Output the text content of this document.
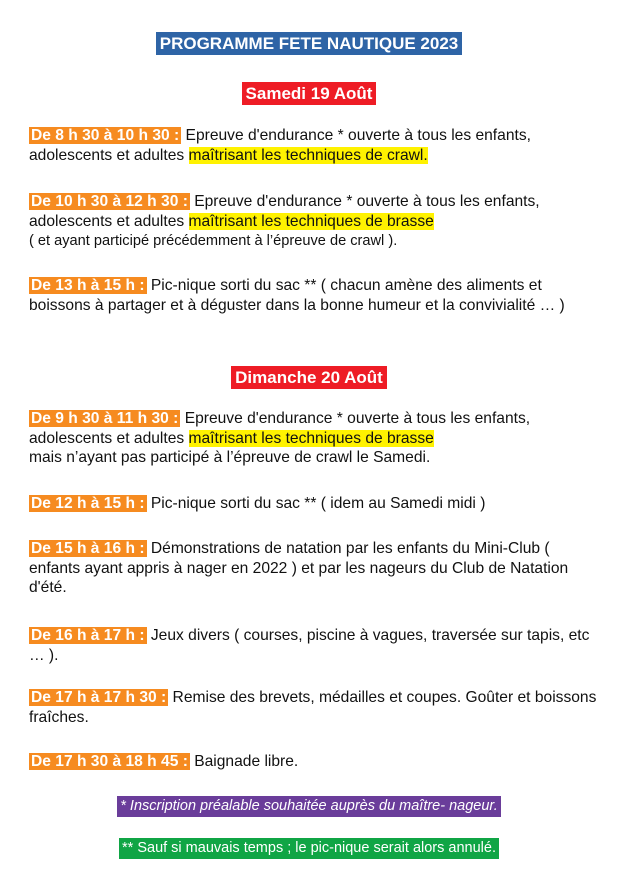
PROGRAMME FETE NAUTIQUE 2023
Samedi 19 Août
De 8 h 30 à 10 h 30 : Epreuve d'endurance * ouverte à tous les enfants, adolescents et adultes maîtrisant les techniques de crawl.
De 10 h 30 à 12 h 30 : Epreuve d'endurance * ouverte à tous les enfants, adolescents et adultes maîtrisant les techniques de brasse
( et ayant participé précédemment à l’épreuve de crawl ).
De 13 h à 15 h : Pic-nique sorti du sac ** ( chacun amène des aliments et boissons à partager et à déguster dans la bonne humeur et la convivialité … )
Dimanche 20 Août
De 9 h 30 à 11 h 30 : Epreuve d'endurance * ouverte à tous les enfants, adolescents et adultes maîtrisant les techniques de brasse
mais n’ayant pas participé à l’épreuve de crawl le Samedi.
De 12 h à 15 h : Pic-nique sorti du sac ** ( idem au Samedi midi )
De 15 h à 16 h : Démonstrations de natation par les enfants du Mini-Club ( enfants ayant appris à nager en 2022 ) et par les nageurs du Club de Natation d'été.
De 16 h à 17 h : Jeux divers ( courses, piscine à vagues, traversée sur tapis, etc … ).
De 17 h à 17 h 30 : Remise des brevets, médailles et coupes. Goûter et boissons fraîches.
De 17 h 30 à 18 h 45 : Baignade libre.
* Inscription préalable souhaitée auprès du maître- nageur.
** Sauf si mauvais temps ; le pic-nique serait alors annulé.
